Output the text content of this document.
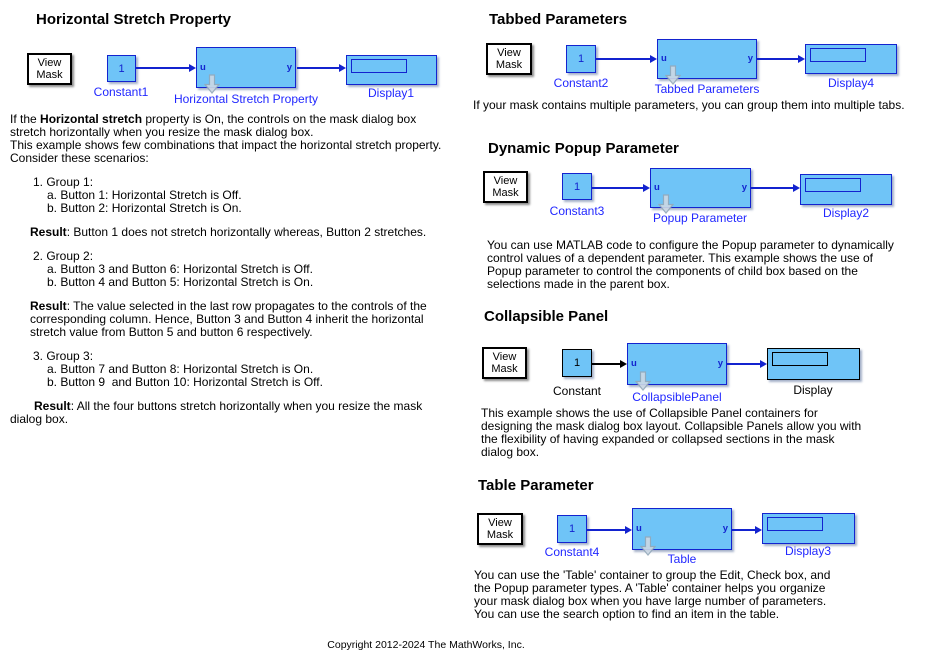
Horizontal Stretch Property
View Mask
1
Constant1
u	y
Horizontal Stretch Property	Display1
If the Horizontal stretch property is On, the controls on the mask dialog box
stretch horizontally when you resize the mask dialog box.
This example shows few combinations that impact the horizontal stretch property.
Consider these scenarios:
1. Group 1:
a. Button 1: Horizontal Stretch is Off.
b. Button 2: Horizontal Stretch is On.
Result: Button 1 does not stretch horizontally whereas, Button 2 stretches.
2. Group 2:
a. Button 3 and Button 6: Horizontal Stretch is Off.
b. Button 4 and Button 5: Horizontal Stretch is On.
Result: The value selected in the last row propagates to the controls of the
corresponding column. Hence, Button 3 and Button 4 inherit the horizontal
stretch value from Button 5 and button 6 respectively.
3. Group 3:
a. Button 7 and Button 8: Horizontal Stretch is On.
b. Button 9  and Button 10: Horizontal Stretch is Off.
Result: All the four buttons stretch horizontally when you resize the mask
dialog box.
Tabbed Parameters
View Mask	1
Constant2
u	y
Tabbed Parameters	Display4
If your mask contains multiple parameters, you can group them into multiple tabs.
Dynamic Popup Parameter
View Mask
1
Constant3
u	y
Popup Parameter	Display2
You can use MATLAB code to configure the Popup parameter to dynamically
control values of a dependent parameter. This example shows the use of
Popup parameter to control the components of child box based on the
selections made in the parent box.
Collapsible Panel
View Mask	1
Constant
u	y
CollapsiblePanel	Display
This example shows the use of Collapsible Panel containers for
designing the mask dialog box layout. Collapsible Panels allow you with
the flexibility of having expanded or collapsed sections in the mask
dialog box.
Table Parameter
View Mask	1
Constant4
u	y
Table
Display3
You can use the 'Table' container to group the Edit, Check box, and
the Popup parameter types. A 'Table' container helps you organize
your mask dialog box when you have large number of parameters.
You can use the search option to find an item in the table.
Copyright 2012-2024 The MathWorks, Inc.
